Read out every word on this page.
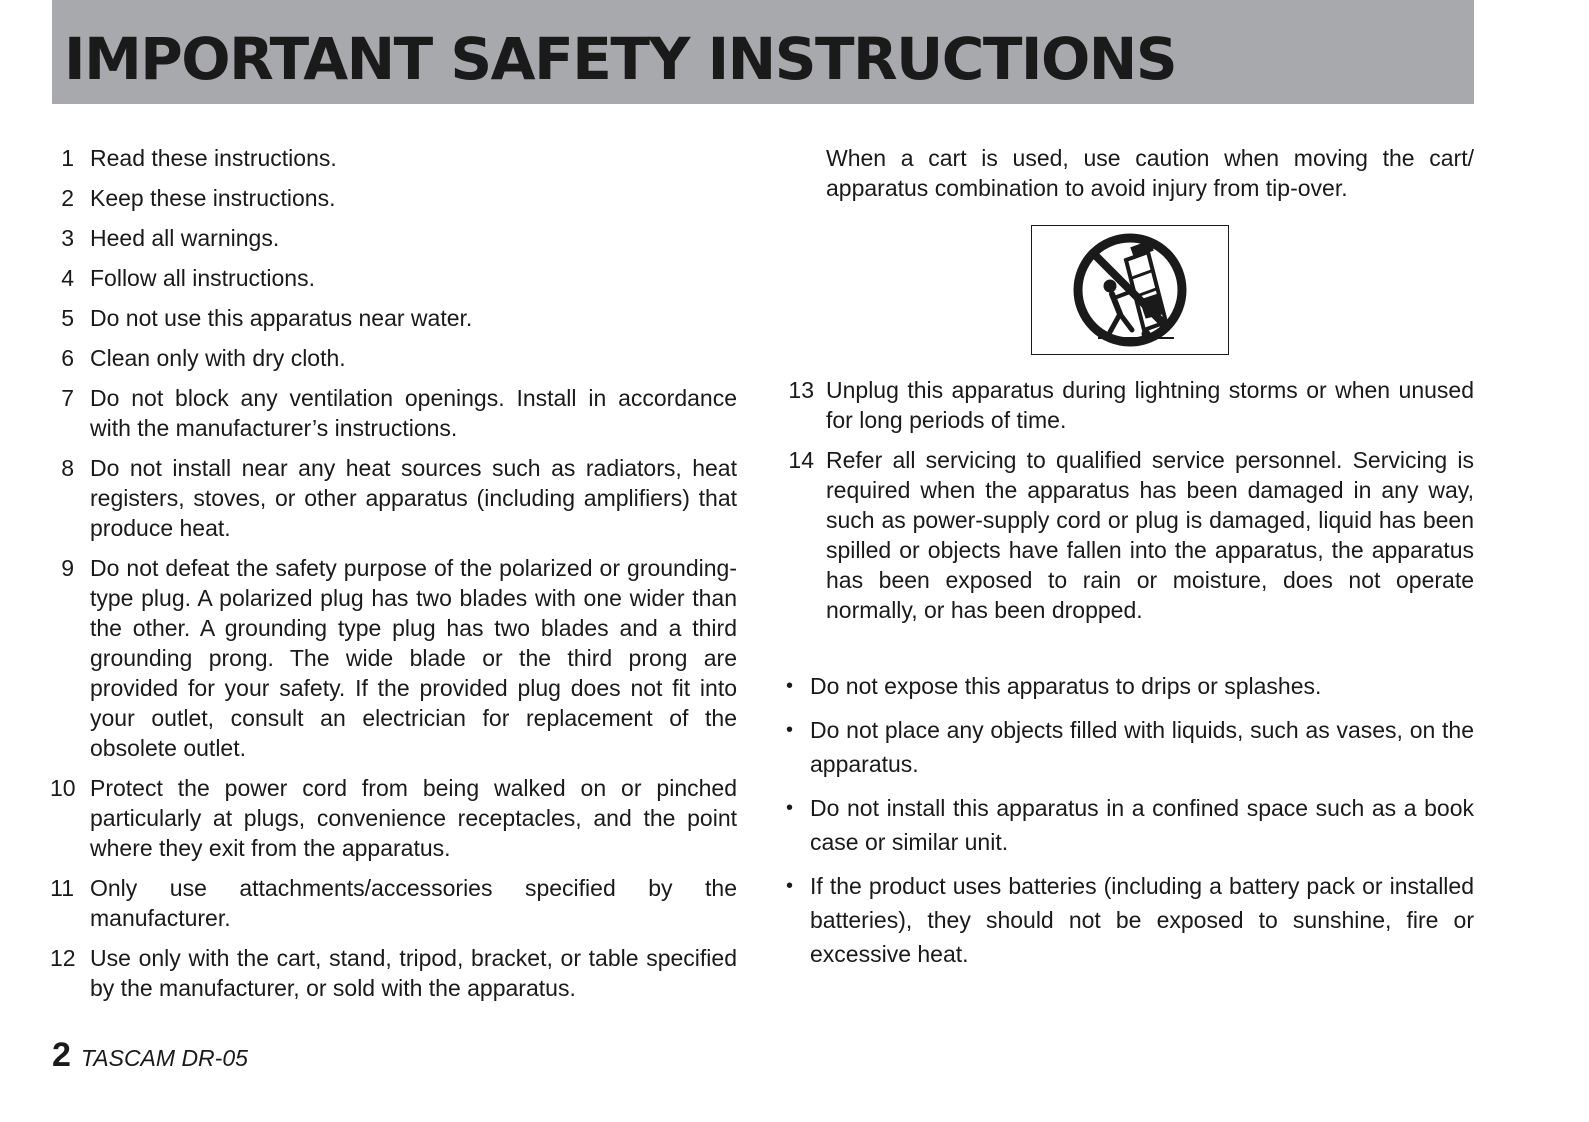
IMPORTANT SAFETY INSTRUCTIONS
1 Read these instructions.
2 Keep these instructions.
3 Heed all warnings.
4 Follow all instructions.
5 Do not use this apparatus near water.
6 Clean only with dry cloth.
7 Do not block any ventilation openings. Install in accordance with the manufacturer’s instructions.
8 Do not install near any heat sources such as radiators, heat registers, stoves, or other apparatus (including amplifiers) that produce heat.
9 Do not defeat the safety purpose of the polarized or grounding-type plug. A polarized plug has two blades with one wider than the other. A grounding type plug has two blades and a third grounding prong. The wide blade or the third prong are provided for your safety. If the provided plug does not fit into your outlet, consult an electrician for replacement of the obsolete outlet.
10 Protect the power cord from being walked on or pinched particularly at plugs, convenience receptacles, and the point where they exit from the apparatus.
11 Only use attachments/accessories specified by the manufacturer.
12 Use only with the cart, stand, tripod, bracket, or table specified by the manufacturer, or sold with the apparatus.

When a cart is used, use caution when moving the cart/ apparatus combination to avoid injury from tip-over.

13 Unplug this apparatus during lightning storms or when unused for long periods of time.
14 Refer all servicing to qualified service personnel. Servicing is required when the apparatus has been damaged in any way, such as power-supply cord or plug is damaged, liquid has been spilled or objects have fallen into the apparatus, the apparatus has been exposed to rain or moisture, does not operate normally, or has been dropped.
• Do not expose this apparatus to drips or splashes.
• Do not place any objects filled with liquids, such as vases, on the apparatus.
• Do not install this apparatus in a confined space such as a book case or similar unit.
• If the product uses batteries (including a battery pack or installed batteries), they should not be exposed to sunshine, fire or excessive heat.
2 TASCAM DR-05
